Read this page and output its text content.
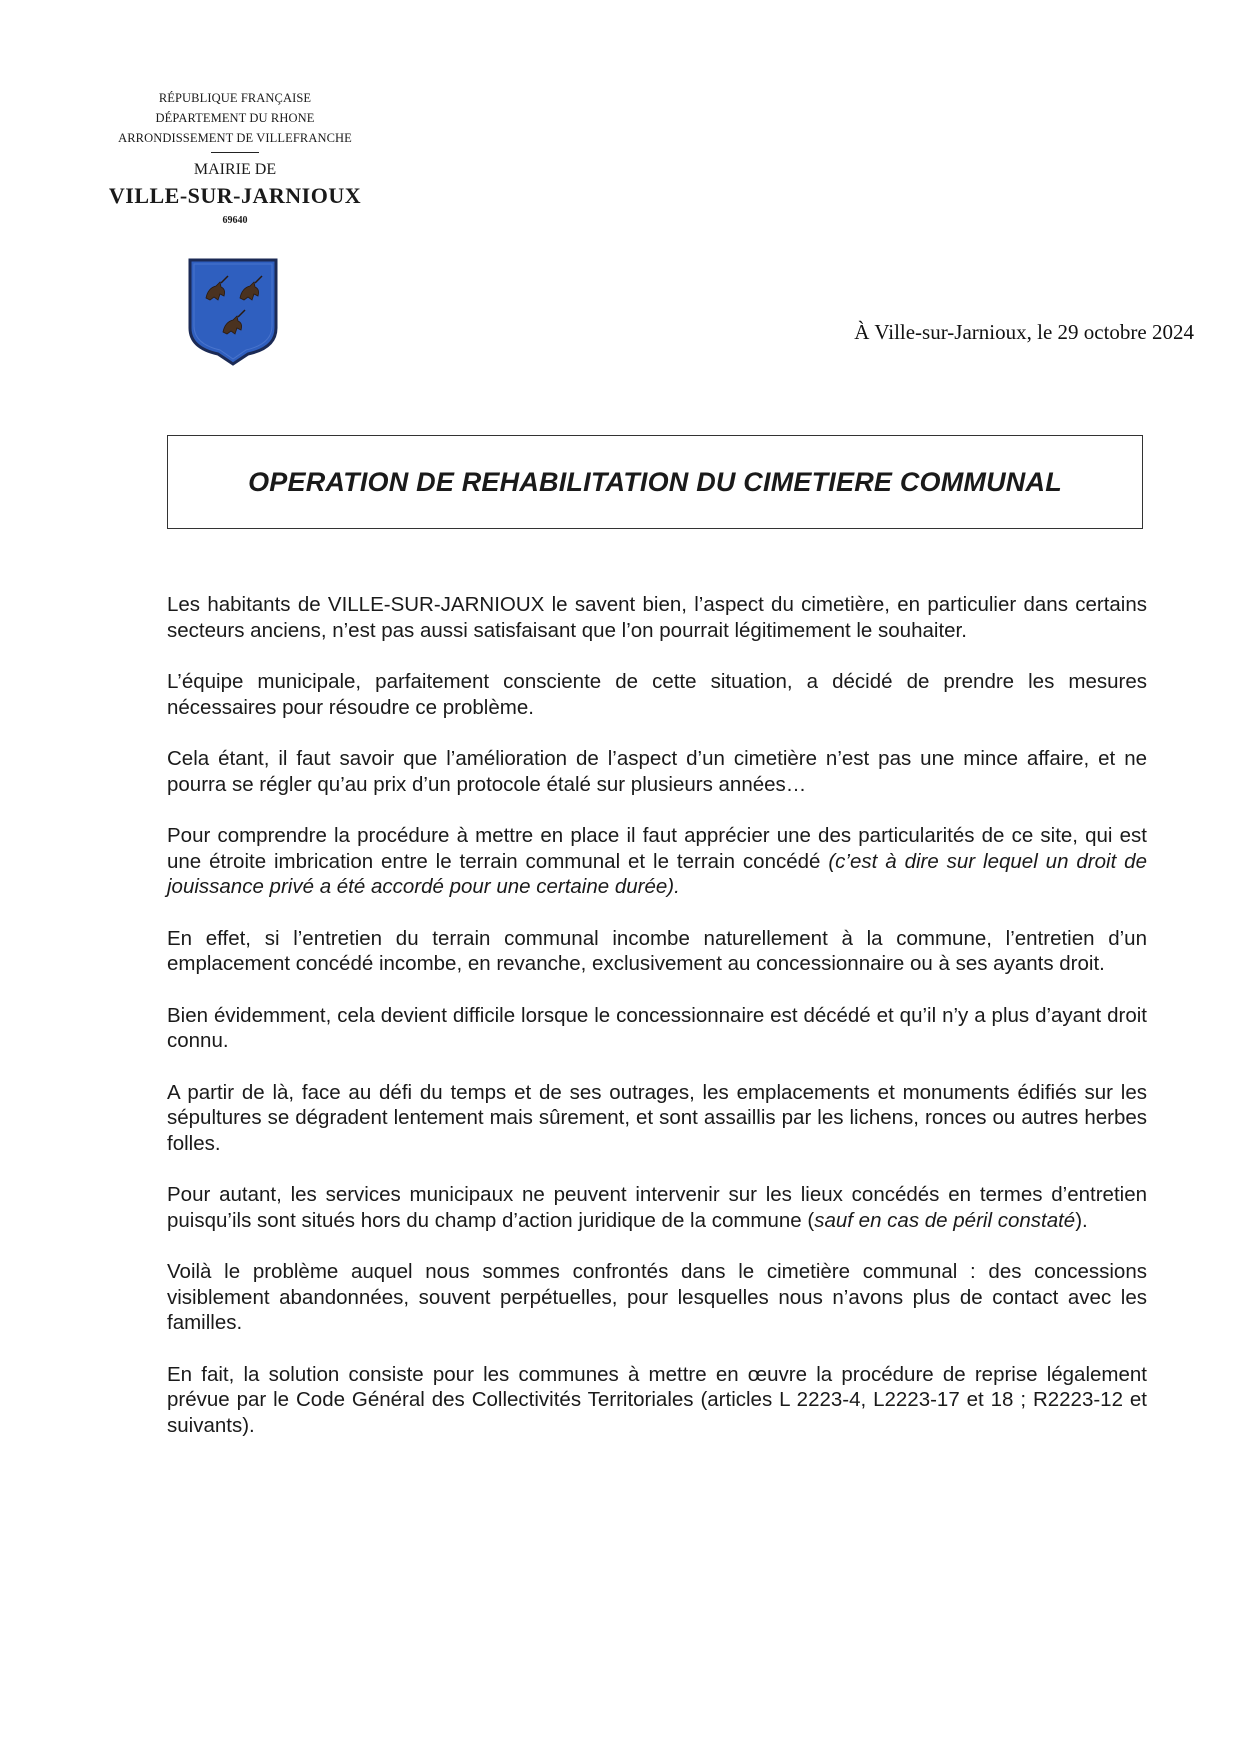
RÉPUBLIQUE FRANÇAISE
DÉPARTEMENT DU RHONE
ARRONDISSEMENT DE VILLEFRANCHE
MAIRIE DE
VILLE-SUR-JARNIOUX
69640
À Ville-sur-Jarnioux, le 29 octobre 2024
OPERATION DE REHABILITATION DU CIMETIERE COMMUNAL

Les habitants de VILLE-SUR-JARNIOUX le savent bien, l’aspect du cimetière, en particulier dans certains secteurs anciens, n’est pas aussi satisfaisant que l’on pourrait légitimement le souhaiter.

L’équipe municipale, parfaitement consciente de cette situation, a décidé de prendre les mesures nécessaires pour résoudre ce problème.

Cela étant, il faut savoir que l’amélioration de l’aspect d’un cimetière n’est pas une mince affaire, et ne pourra se régler qu’au prix d’un protocole étalé sur plusieurs années…

Pour comprendre la procédure à mettre en place il faut apprécier une des particularités de ce site, qui est une étroite imbrication entre le terrain communal et le terrain concédé (c’est à dire sur lequel un droit de jouissance privé a été accordé pour une certaine durée).

En effet, si l’entretien du terrain communal incombe naturellement à la commune, l’entretien d’un emplacement concédé incombe, en revanche, exclusivement au concessionnaire ou à ses ayants droit.

Bien évidemment, cela devient difficile lorsque le concessionnaire est décédé et qu’il n’y a plus d’ayant droit connu.

A partir de là, face au défi du temps et de ses outrages, les emplacements et monuments édifiés sur les sépultures se dégradent lentement mais sûrement, et sont assaillis par les lichens, ronces ou autres herbes folles.

Pour autant, les services municipaux ne peuvent intervenir sur les lieux concédés en termes d’entretien puisqu’ils sont situés hors du champ d’action juridique de la commune (sauf en cas de péril constaté).

Voilà le problème auquel nous sommes confrontés dans le cimetière communal : des concessions visiblement abandonnées, souvent perpétuelles, pour lesquelles nous n’avons plus de contact avec les familles.

En fait, la solution consiste pour les communes à mettre en œuvre la procédure de reprise légalement prévue par le Code Général des Collectivités Territoriales (articles L 2223-4, L2223-17 et 18 ; R2223-12 et suivants).
